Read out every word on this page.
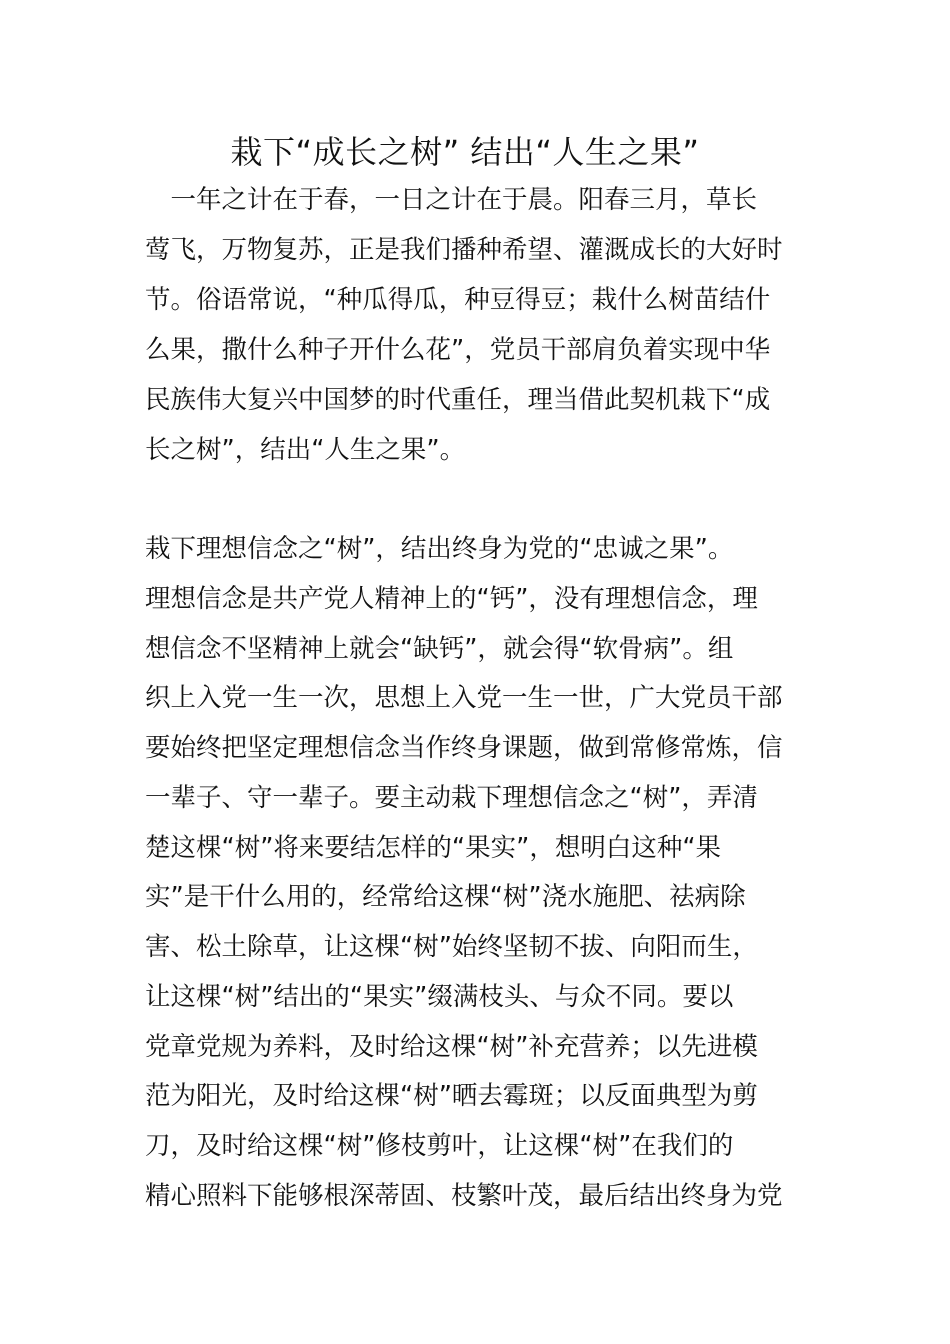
栽下“成长之树” 结出“人生之果”
　一年之计在于春，一日之计在于晨。阳春三月，草长
莺飞，万物复苏，正是我们播种希望、灌溉成长的大好时
节。俗语常说，“种瓜得瓜，种豆得豆；栽什么树苗结什
么果，撒什么种子开什么花”，党员干部肩负着实现中华
民族伟大复兴中国梦的时代重任，理当借此契机栽下“成
长之树”，结出“人生之果”。
栽下理想信念之“树”，结出终身为党的“忠诚之果”。
理想信念是共产党人精神上的“钙”，没有理想信念，理
想信念不坚精神上就会“缺钙”，就会得“软骨病”。组
织上入党一生一次，思想上入党一生一世，广大党员干部
要始终把坚定理想信念当作终身课题，做到常修常炼，信
一辈子、守一辈子。要主动栽下理想信念之“树”，弄清
楚这棵“树”将来要结怎样的“果实”，想明白这种“果
实”是干什么用的，经常给这棵“树”浇水施肥、祛病除
害、松土除草，让这棵“树”始终坚韧不拔、向阳而生，
让这棵“树”结出的“果实”缀满枝头、与众不同。要以
党章党规为养料，及时给这棵“树”补充营养；以先进模
范为阳光，及时给这棵“树”晒去霉斑；以反面典型为剪
刀，及时给这棵“树”修枝剪叶，让这棵“树”在我们的
精心照料下能够根深蒂固、枝繁叶茂，最后结出终身为党
